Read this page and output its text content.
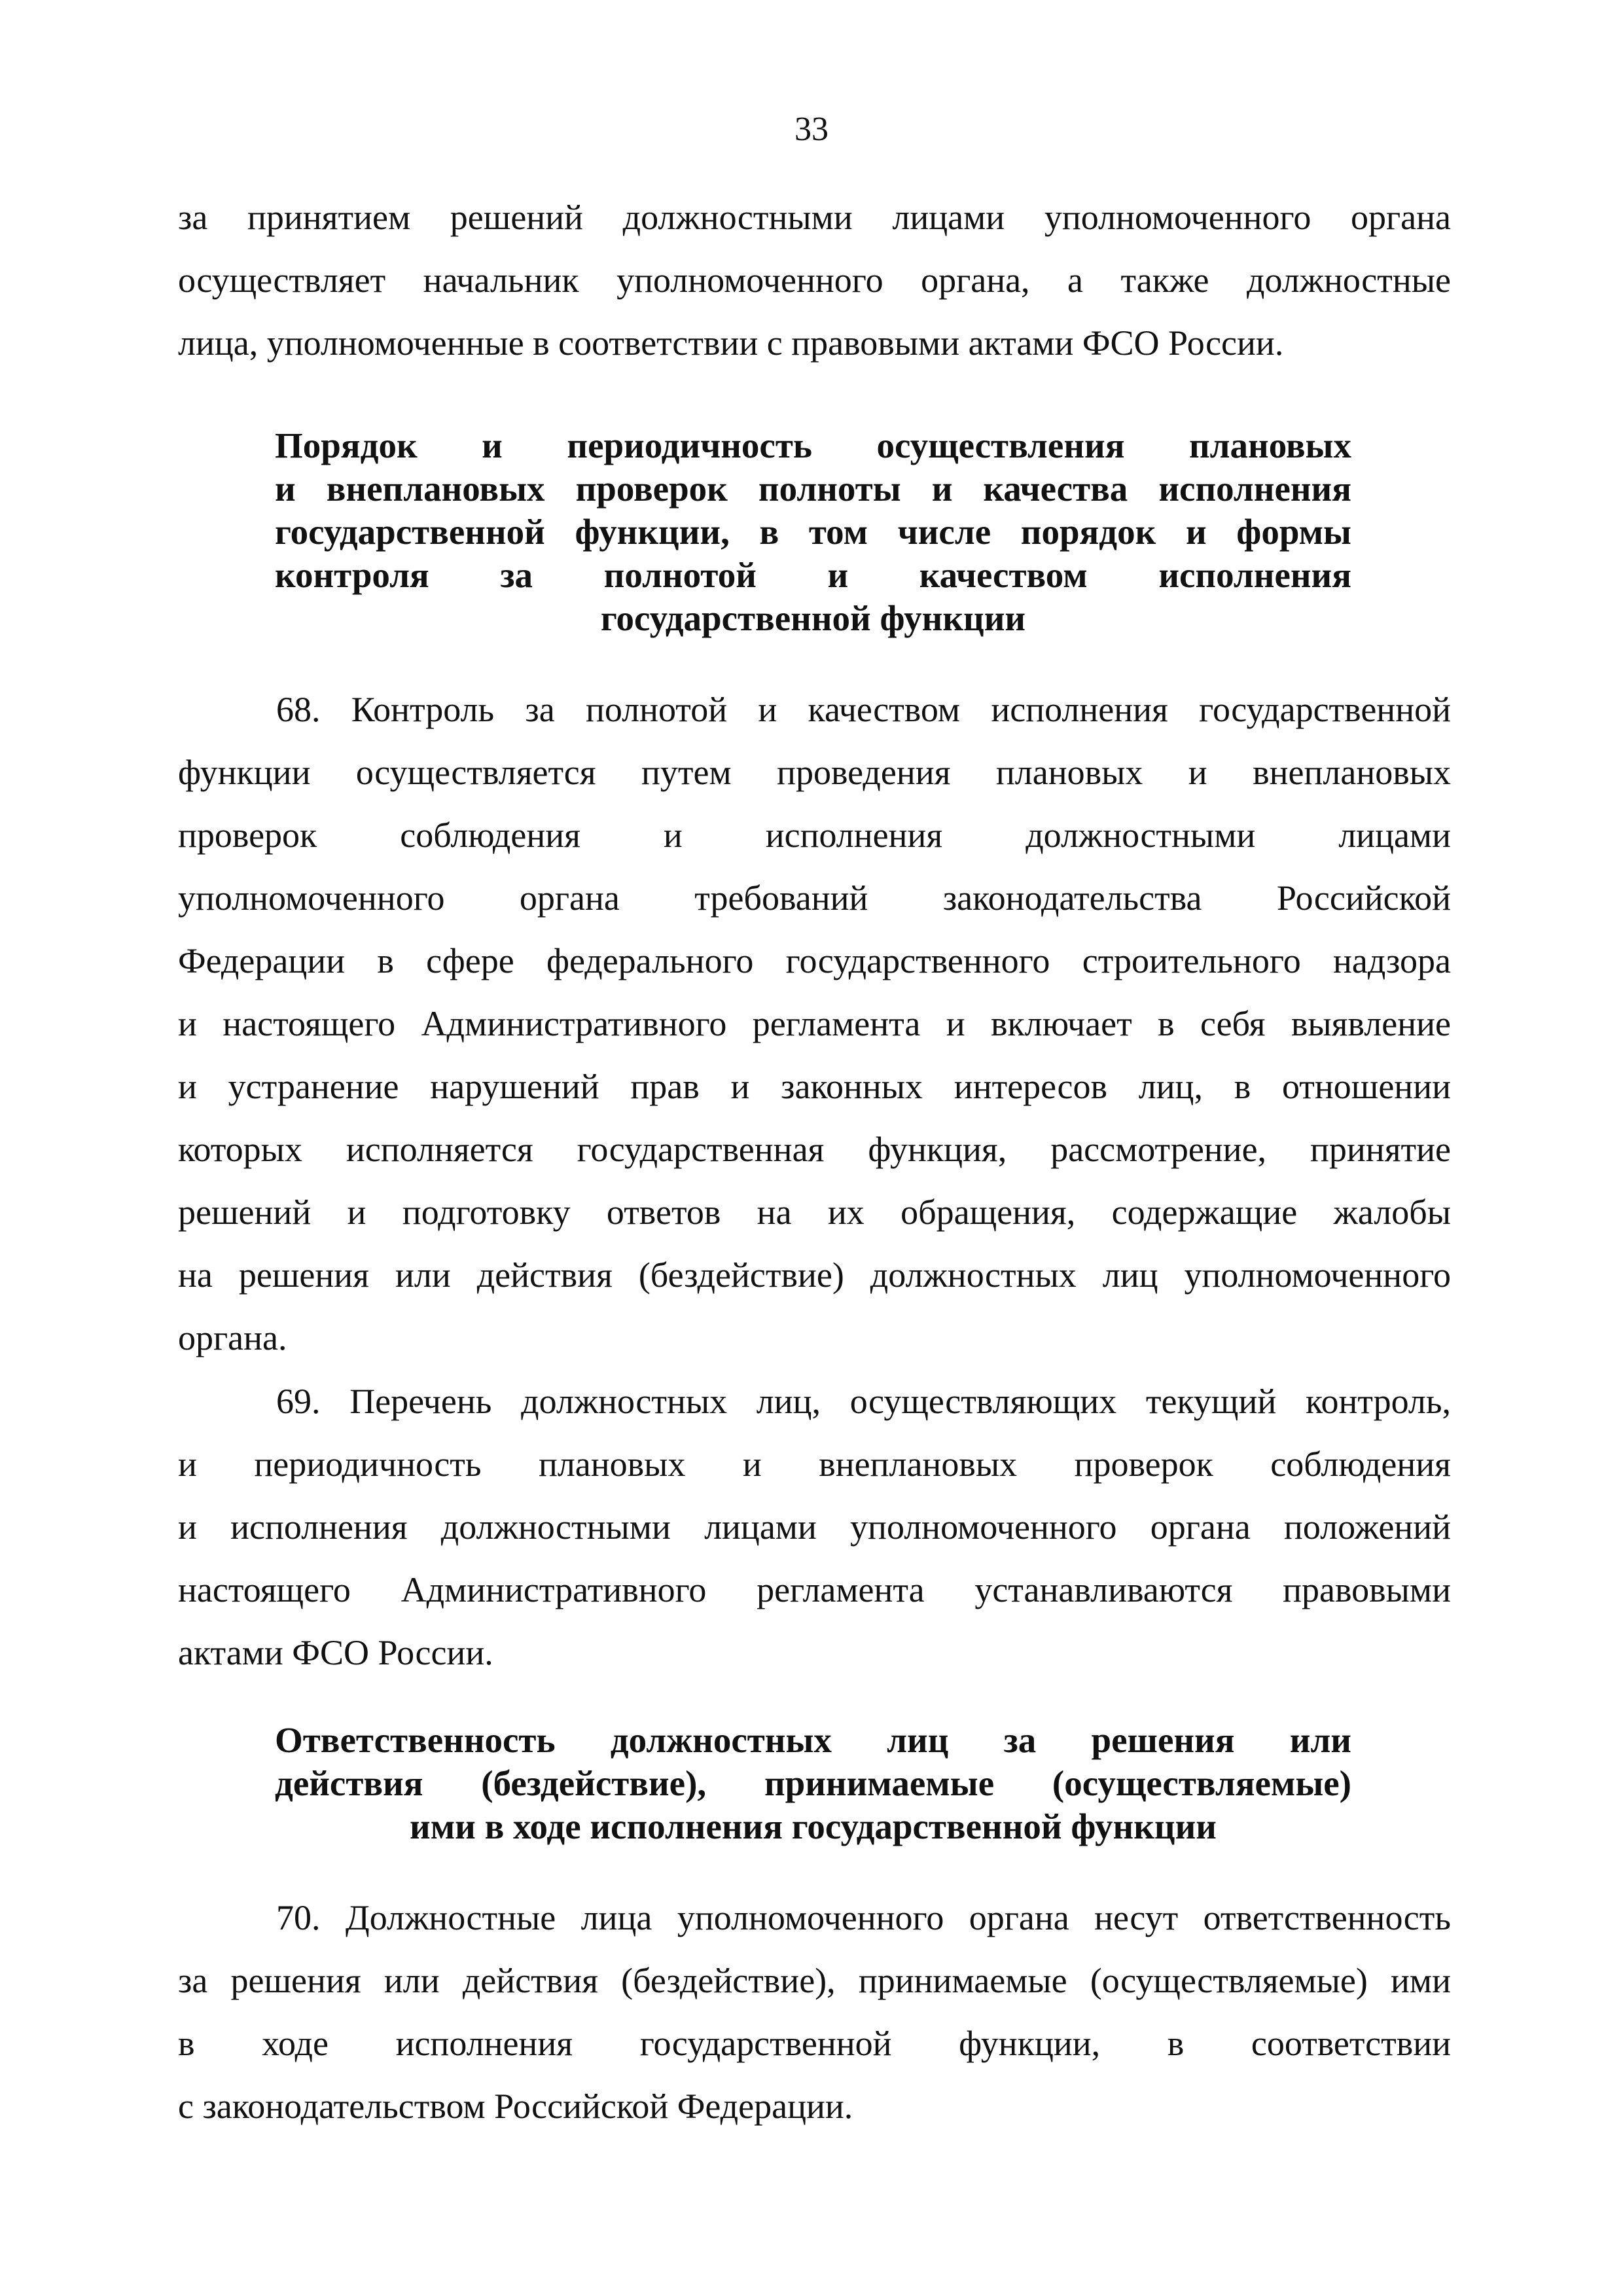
33
за принятием решений должностными лицами уполномоченного органа
осуществляет начальник уполномоченного органа, а также должностные
лица, уполномоченные в соответствии с правовыми актами ФСО России.
Порядок и периодичность осуществления плановых
и внеплановых проверок полноты и качества исполнения
государственной функции, в том числе порядок и формы
контроля за полнотой и качеством исполнения
государственной функции
68. Контроль за полнотой и качеством исполнения государственной
функции осуществляется путем проведения плановых и внеплановых
проверок соблюдения и исполнения должностными лицами
уполномоченного органа требований законодательства Российской
Федерации в сфере федерального государственного строительного надзора
и настоящего Административного регламента и включает в себя выявление
и устранение нарушений прав и законных интересов лиц, в отношении
которых исполняется государственная функция, рассмотрение, принятие
решений и подготовку ответов на их обращения, содержащие жалобы
на решения или действия (бездействие) должностных лиц уполномоченного
органа.
69. Перечень должностных лиц, осуществляющих текущий контроль,
и периодичность плановых и внеплановых проверок соблюдения
и исполнения должностными лицами уполномоченного органа положений
настоящего Административного регламента устанавливаются правовыми
актами ФСО России.
Ответственность должностных лиц за решения или
действия (бездействие), принимаемые (осуществляемые)
ими в ходе исполнения государственной функции
70. Должностные лица уполномоченного органа несут ответственность
за решения или действия (бездействие), принимаемые (осуществляемые) ими
в ходе исполнения государственной функции, в соответствии
с законодательством Российской Федерации.
